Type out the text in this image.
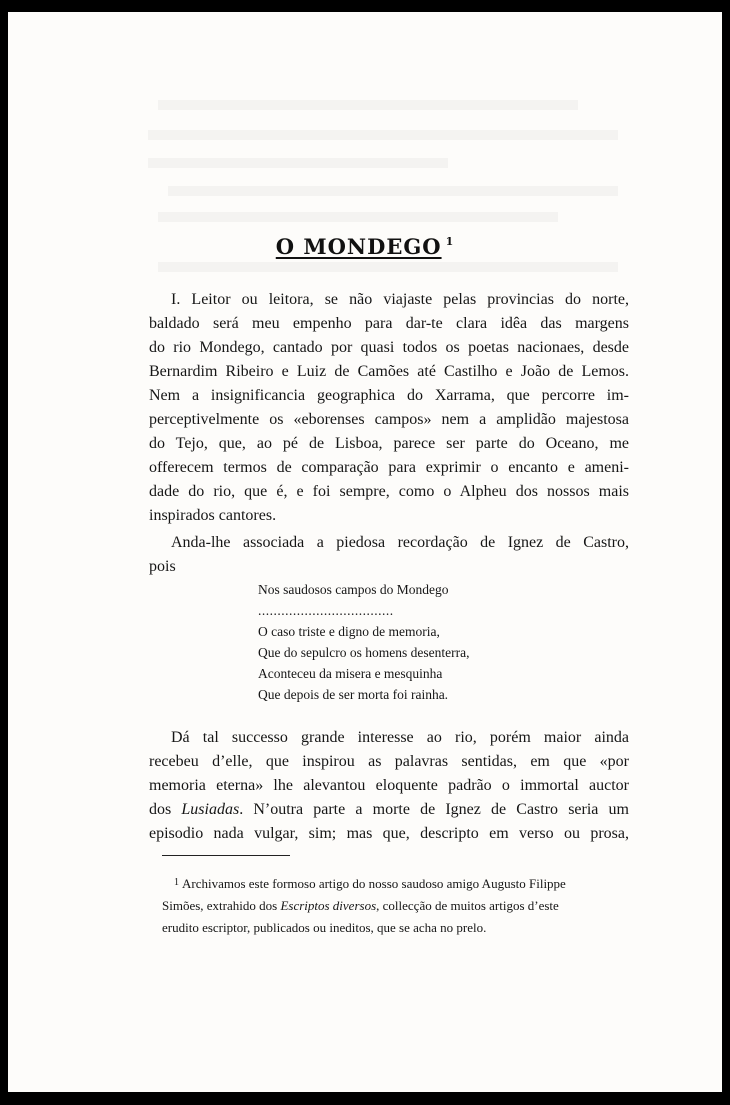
O MONDEGO $^1$
I. Leitor ou leitora, se não viajaste pelas provincias do norte,
baldado será meu empenho para dar-te clara idêa das margens
do rio Mondego, cantado por quasi todos os poetas nacionaes, desde
Bernardim Ribeiro e Luiz de Camões até Castilho e João de Lemos.
Nem a insignificancia geographica do Xarrama, que percorre im-
perceptivelmente os «eborenses campos» nem a amplidão majestosa
do Tejo, que, ao pé de Lisboa, parece ser parte do Oceano, me
offerecem termos de comparação para exprimir o encanto e ameni-
dade do rio, que é, e foi sempre, como o Alpheu dos nossos mais
inspirados cantores.
Anda-lhe associada a piedosa recordação de Ignez de Castro,
pois
Nos saudosos campos do Mondego
...................................
O caso triste e digno de memoria,
Que do sepulcro os homens desenterra,
Aconteceu da misera e mesquinha
Que depois de ser morta foi rainha.
Dá tal successo grande interesse ao rio, porém maior ainda
recebeu d’elle, que inspirou as palavras sentidas, em que «por
memoria eterna» lhe alevantou eloquente padrão o immortal auctor
dos Lusiadas. N’outra parte a morte de Ignez de Castro seria um
episodio nada vulgar, sim; mas que, descripto em verso ou prosa,
$^1$ Archivamos este formoso artigo do nosso saudoso amigo Augusto Filippe
Simões, extrahido dos Escriptos diversos, collecção de muitos artigos d’este
erudito escriptor, publicados ou ineditos, que se acha no prelo.
